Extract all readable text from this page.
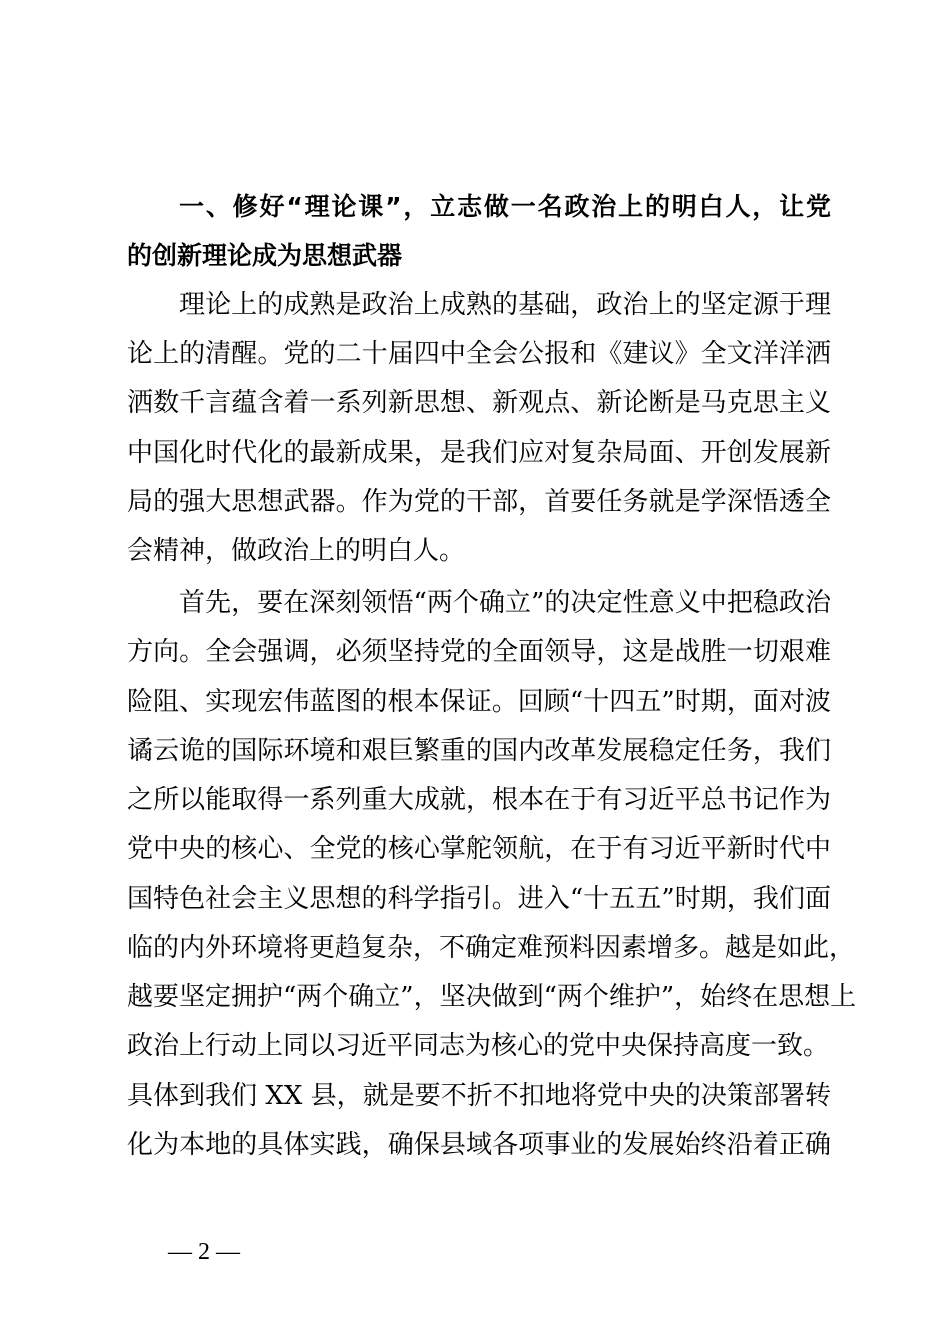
一、修好“理论课”，立志做一名政治上的明白人，让党
的创新理论成为思想武器
理论上的成熟是政治上成熟的基础，政治上的坚定源于理
论上的清醒。党的二十届四中全会公报和《建议》全文洋洋洒
洒数千言蕴含着一系列新思想、新观点、新论断是马克思主义
中国化时代化的最新成果，是我们应对复杂局面、开创发展新
局的强大思想武器。作为党的干部，首要任务就是学深悟透全
会精神，做政治上的明白人。
首先，要在深刻领悟“两个确立”的决定性意义中把稳政治
方向。全会强调，必须坚持党的全面领导，这是战胜一切艰难
险阻、实现宏伟蓝图的根本保证。回顾“十四五”时期，面对波
谲云诡的国际环境和艰巨繁重的国内改革发展稳定任务，我们
之所以能取得一系列重大成就，根本在于有习近平总书记作为
党中央的核心、全党的核心掌舵领航，在于有习近平新时代中
国特色社会主义思想的科学指引。进入“十五五”时期，我们面
临的内外环境将更趋复杂，不确定难预料因素增多。越是如此，
越要坚定拥护“两个确立”，坚决做到“两个维护”，始终在思想上
政治上行动上同以习近平同志为核心的党中央保持高度一致。
具体到我们 XX 县，就是要不折不扣地将党中央的决策部署转
化为本地的具体实践，确保县域各项事业的发展始终沿着正确
— 2 —
